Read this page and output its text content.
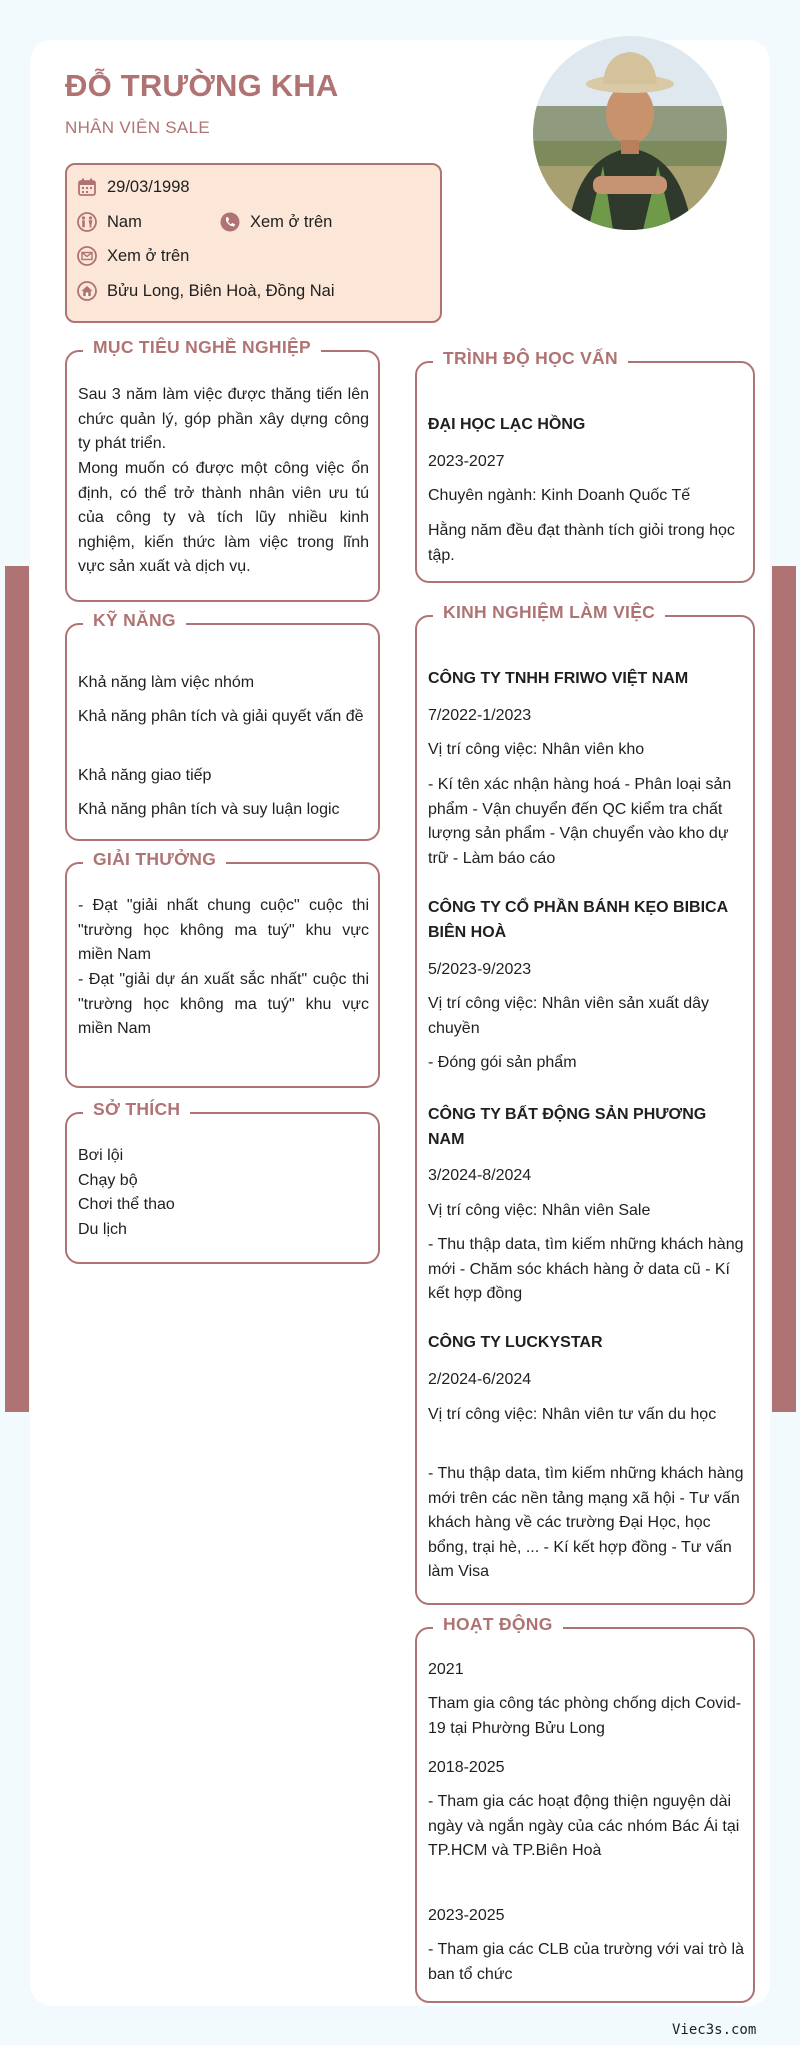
ĐỖ TRƯỜNG KHA
NHÂN VIÊN SALE
29/03/1998
Nam	Xem ở trên
Xem ở trên
Bửu Long, Biên Hoà, Đồng Nai
MỤC TIÊU NGHỀ NGHIỆP
Sau 3 năm làm việc được thăng tiến lên chức quản lý, góp phần xây dựng công ty phát triển.
Mong muốn có được một công việc ổn định, có thể trở thành nhân viên ưu tú của công ty và tích lũy nhiều kinh nghiệm, kiến thức làm việc trong lĩnh vực sản xuất và dịch vụ.
KỸ NĂNG
Khả năng làm việc nhóm
Khả năng phân tích và giải quyết vấn đề
Khả năng giao tiếp
Khả năng phân tích và suy luận logic
GIẢI THƯỞNG
- Đạt "giải nhất chung cuộc" cuộc thi "trường học không ma tuý" khu vực miền Nam
- Đạt "giải dự án xuất sắc nhất" cuộc thi "trường học không ma tuý" khu vực miền Nam
SỞ THÍCH
Bơi lội
Chạy bộ
Chơi thể thao
Du lịch
TRÌNH ĐỘ HỌC VẤN
ĐẠI HỌC LẠC HỒNG
2023-2027
Chuyên ngành: Kinh Doanh Quốc Tế
Hằng năm đều đạt thành tích giỏi trong học tập.
KINH NGHIỆM LÀM VIỆC
CÔNG TY TNHH FRIWO VIỆT NAM
7/2022-1/2023
Vị trí công việc: Nhân viên kho
- Kí tên xác nhận hàng hoá - Phân loại sản phẩm - Vận chuyển đến QC kiểm tra chất lượng sản phẩm - Vận chuyển vào kho dự trữ - Làm báo cáo
CÔNG TY CỔ PHẦN BÁNH KẸO BIBICA BIÊN HOÀ
5/2023-9/2023
Vị trí công việc: Nhân viên sản xuất dây chuyền
- Đóng gói sản phẩm
CÔNG TY BẤT ĐỘNG SẢN PHƯƠNG NAM
3/2024-8/2024
Vị trí công việc: Nhân viên Sale
- Thu thập data, tìm kiếm những khách hàng mới - Chăm sóc khách hàng ở data cũ - Kí kết hợp đồng
CÔNG TY LUCKYSTAR
2/2024-6/2024
Vị trí công việc: Nhân viên tư vấn du học
- Thu thập data, tìm kiếm những khách hàng mới trên các nền tảng mạng xã hội - Tư vấn khách hàng về các trường Đại Học, học bổng, trại hè, ... - Kí kết hợp đồng - Tư vấn làm Visa
HOẠT ĐỘNG
2021
Tham gia công tác phòng chống dịch Covid-19 tại Phường Bửu Long
2018-2025
- Tham gia các hoạt động thiện nguyện dài ngày và ngắn ngày của các nhóm Bác Ái tại TP.HCM và TP.Biên Hoà
2023-2025
- Tham gia các CLB của trường với vai trò là ban tổ chức
Viec3s.com
